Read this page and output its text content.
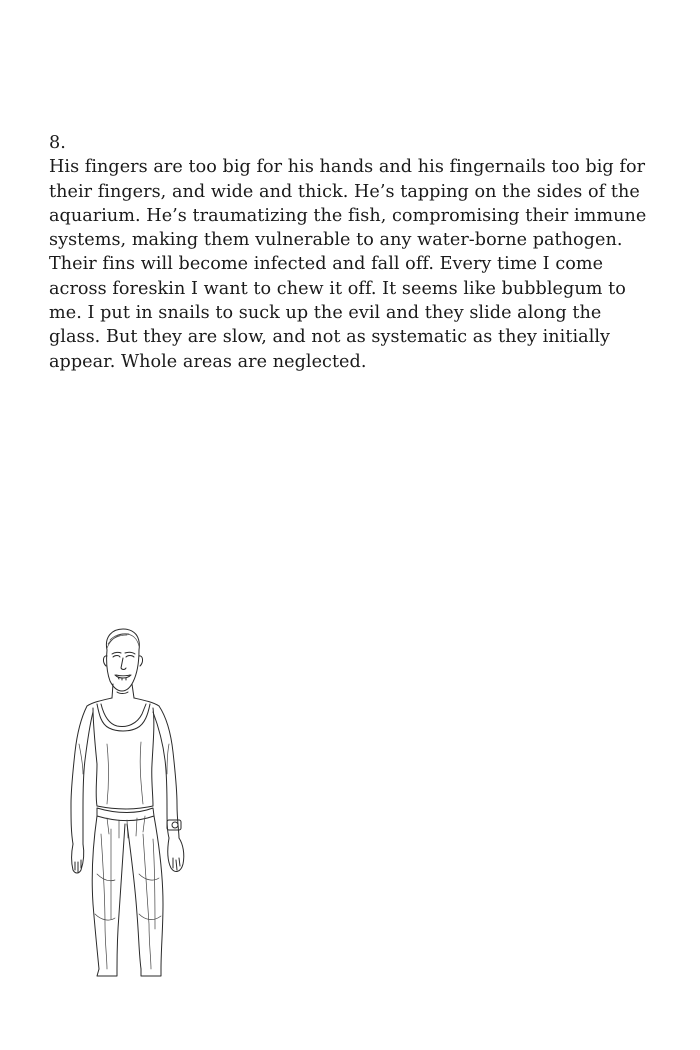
8.
His fingers are too big for his hands and his fingernails too big for
their fingers, and wide and thick. He’s tapping on the sides of the
aquarium. He’s traumatizing the fish, compromising their immune
systems, making them vulnerable to any water-borne pathogen.
Their fins will become infected and fall off. Every time I come
across foreskin I want to chew it off. It seems like bubblegum to
me. I put in snails to suck up the evil and they slide along the
glass. But they are slow, and not as systematic as they initially
appear. Whole areas are neglected.
